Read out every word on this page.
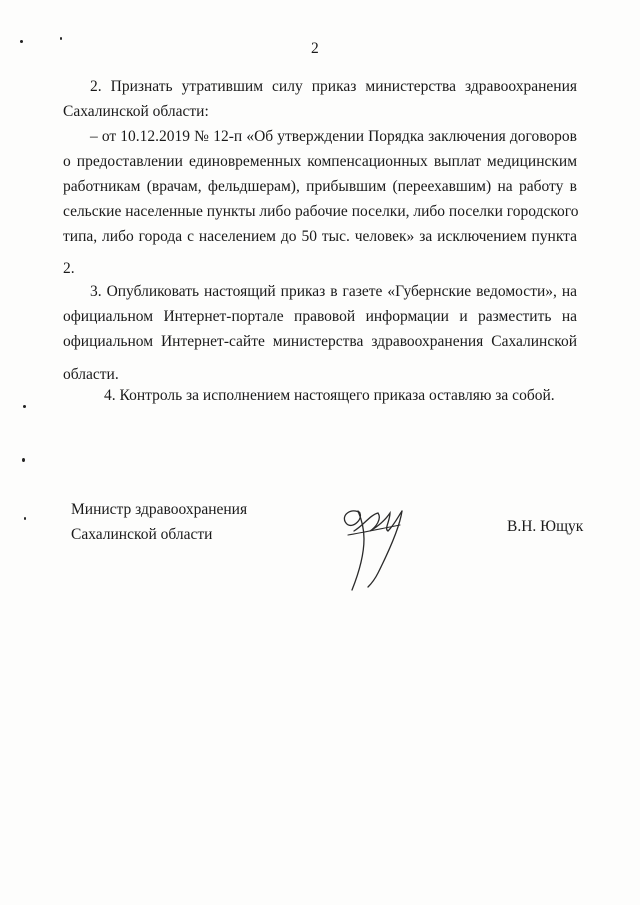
2
2. Признать утратившим силу приказ министерства здравоохранения
Сахалинской области:
– от 10.12.2019 № 12-п «Об утверждении Порядка заключения договоров
о предоставлении единовременных компенсационных выплат медицинским
работникам (врачам, фельдшерам), прибывшим (переехавшим) на работу в
сельские населенные пункты либо рабочие поселки, либо поселки городского
типа, либо города с населением до 50 тыс. человек» за исключением пункта
2.
3. Опубликовать настоящий приказ в газете «Губернские ведомости», на
официальном Интернет-портале правовой информации и разместить на
официальном Интернет-сайте министерства здравоохранения Сахалинской
области.
4. Контроль за исполнением настоящего приказа оставляю за собой.
Министр здравоохранения
Сахалинской области	В.Н. Ющук
